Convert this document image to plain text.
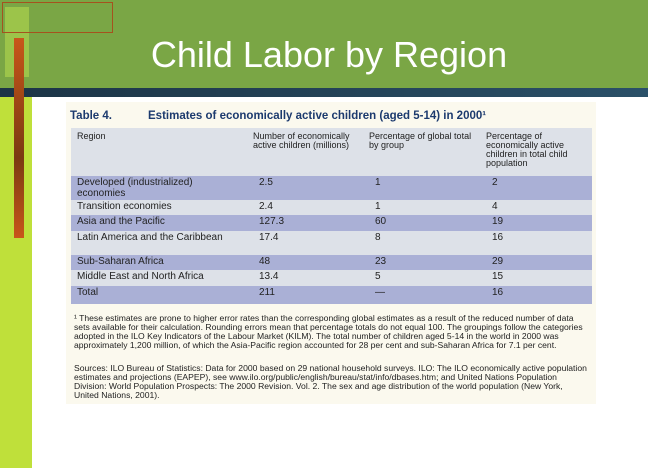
Child Labor by Region
Table 4.	Estimates of economically active children (aged 5-14) in 2000¹
Region	Number of economically active children (millions)	Percentage of global total by group	Percentage of economically active children in total child population
Developed (industrialized) economies	2.5	1	2
Transition economies	2.4	1	4
Asia and the Pacific	127.3	60	19
Latin America and the Caribbean	17.4	8	16
Sub-Saharan Africa	48	23	29
Middle East and North Africa	13.4	5	15
Total	211	—	16
¹ These estimates are prone to higher error rates than the corresponding global estimates as a result of the reduced number of data sets available for their calculation. Rounding errors mean that percentage totals do not equal 100. The groupings follow the categories adopted in the ILO Key Indicators of the Labour Market (KILM). The total number of children aged 5-14 in the world in 2000 was approximately 1,200 million, of which the Asia-Pacific region accounted for 28 per cent and sub-Saharan Africa for 7.1 per cent.
Sources: ILO Bureau of Statistics: Data for 2000 based on 29 national household surveys. ILO: The ILO economically active population estimates and projections (EAPEP), see www.ilo.org/public/english/bureau/stat/info/dbases.htm; and United Nations Population Division: World Population Prospects: The 2000 Revision. Vol. 2. The sex and age distribution of the world population (New York, United Nations, 2001).
